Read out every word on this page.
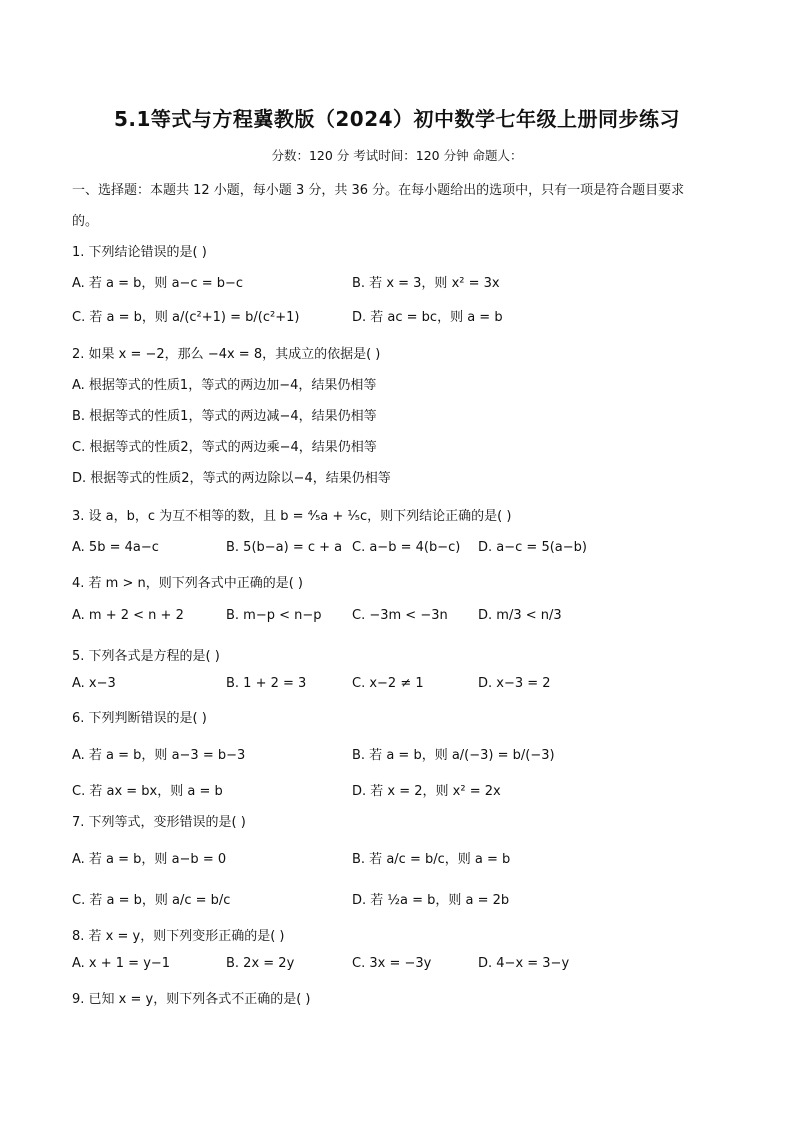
5.1等式与方程冀教版（2024）初中数学七年级上册同步练习
分数：120 分 考试时间：120 分钟 命题人：
一、选择题：本题共 12 小题，每小题 3 分，共 36 分。在每小题给出的选项中，只有一项是符合题目要求
的。
1. 下列结论错误的是( )
A. 若 a = b，则 a−c = b−c	B. 若 x = 3，则 x² = 3x
C. 若 a = b，则 a/(c²+1) = b/(c²+1)	D. 若 ac = bc，则 a = b
2. 如果 x = −2，那么 −4x = 8，其成立的依据是( )
A. 根据等式的性质1，等式的两边加−4，结果仍相等
B. 根据等式的性质1，等式的两边减−4，结果仍相等
C. 根据等式的性质2，等式的两边乘−4，结果仍相等
D. 根据等式的性质2，等式的两边除以−4，结果仍相等
3. 设 a，b，c 为互不相等的数，且 b = ⁴⁄₅a + ¹⁄₅c，则下列结论正确的是( )
A. 5b = 4a−c	B. 5(b−a) = c + a C. a−b = 4(b−c) D. a−c = 5(a−b)
4. 若 m > n，则下列各式中正确的是( )
A. m + 2 < n + 2	B. m−p < n−p C. −3m < −3n D. m/3 < n/3
5. 下列各式是方程的是( )
A. x−3	B. 1 + 2 = 3	C. x−2 ≠ 1	D. x−3 = 2
6. 下列判断错误的是( )
A. 若 a = b，则 a−3 = b−3	B. 若 a = b，则 a/(−3) = b/(−3)
C. 若 ax = bx，则 a = b	D. 若 x = 2，则 x² = 2x
7. 下列等式，变形错误的是( )
A. 若 a = b，则 a−b = 0	B. 若 a/c = b/c，则 a = b
C. 若 a = b，则 a/c = b/c	D. 若 ½a = b，则 a = 2b
8. 若 x = y，则下列变形正确的是( )
A. x + 1 = y−1	B. 2x = 2y	C. 3x = −3y	D. 4−x = 3−y
9. 已知 x = y，则下列各式不正确的是( )
